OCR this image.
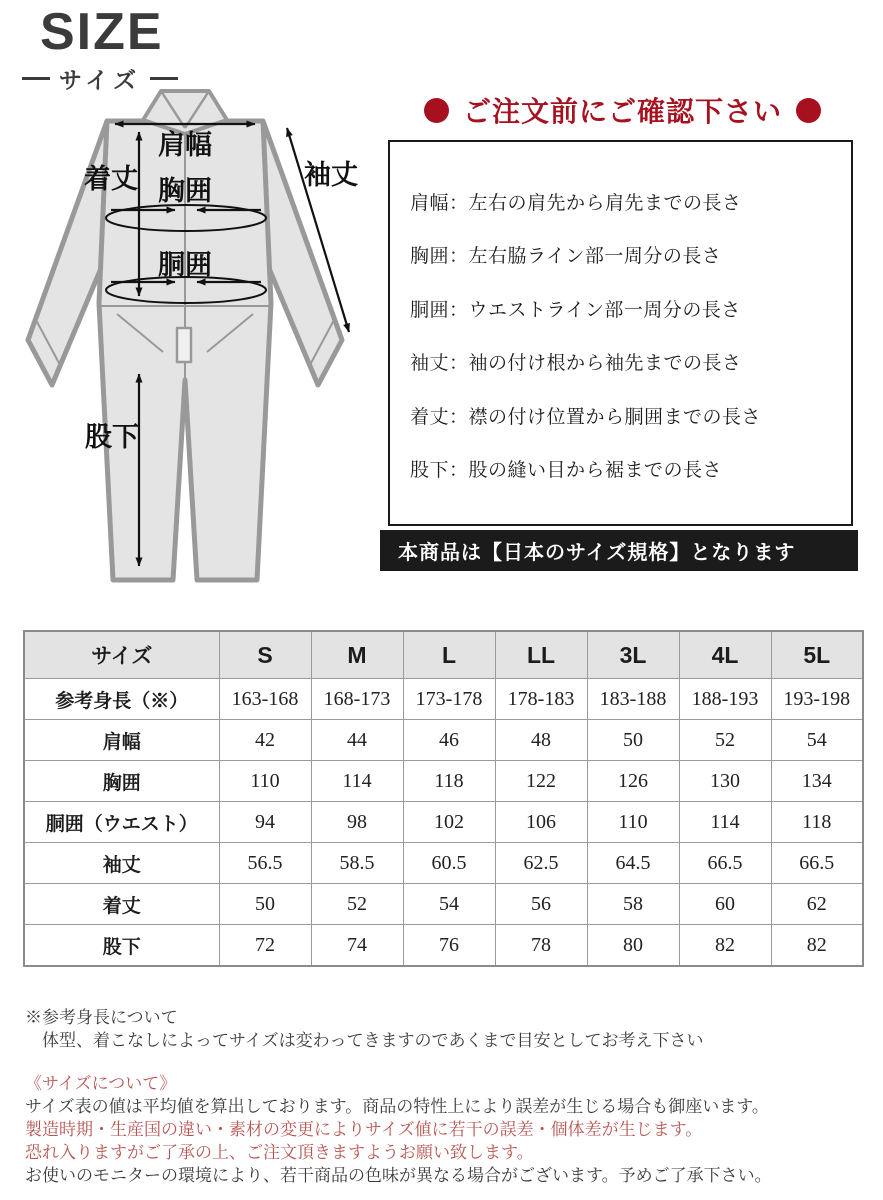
SIZE
サイズ
肩幅
着丈 胸囲
胴囲
袖丈
股下
ご注文前にご確認下さい
肩幅：左右の肩先から肩先までの長さ
胸囲：左右脇ライン部一周分の長さ
胴囲：ウエストライン部一周分の長さ
袖丈：袖の付け根から袖先までの長さ
着丈：襟の付け位置から胴囲までの長さ
股下：股の縫い目から裾までの長さ
本商品は【日本のサイズ規格】となります
サイズ	S	M	L	LL	3L	4L	5L
参考身長（※）	163-168	168-173	173-178	178-183	183-188	188-193	193-198
肩幅	42	44	46	48	50	52	54
胸囲	110	114	118	122	126	130	134
胴囲（ウエスト）	94	98	102	106	110	114	118
袖丈	56.5	58.5	60.5	62.5	64.5	66.5	66.5
着丈	50	52	54	56	58	60	62
股下	72	74	76	78	80	82	82
※参考身長について
　体型、着こなしによってサイズは変わってきますのであくまで目安としてお考え下さい
《サイズについて》
サイズ表の値は平均値を算出しております。商品の特性上により誤差が生じる場合も御座います。
製造時期・生産国の違い・素材の変更によりサイズ値に若干の誤差・個体差が生じます。
恐れ入りますがご了承の上、ご注文頂きますようお願い致します。
お使いのモニターの環境により、若干商品の色味が異なる場合がございます。予めご了承下さい。
